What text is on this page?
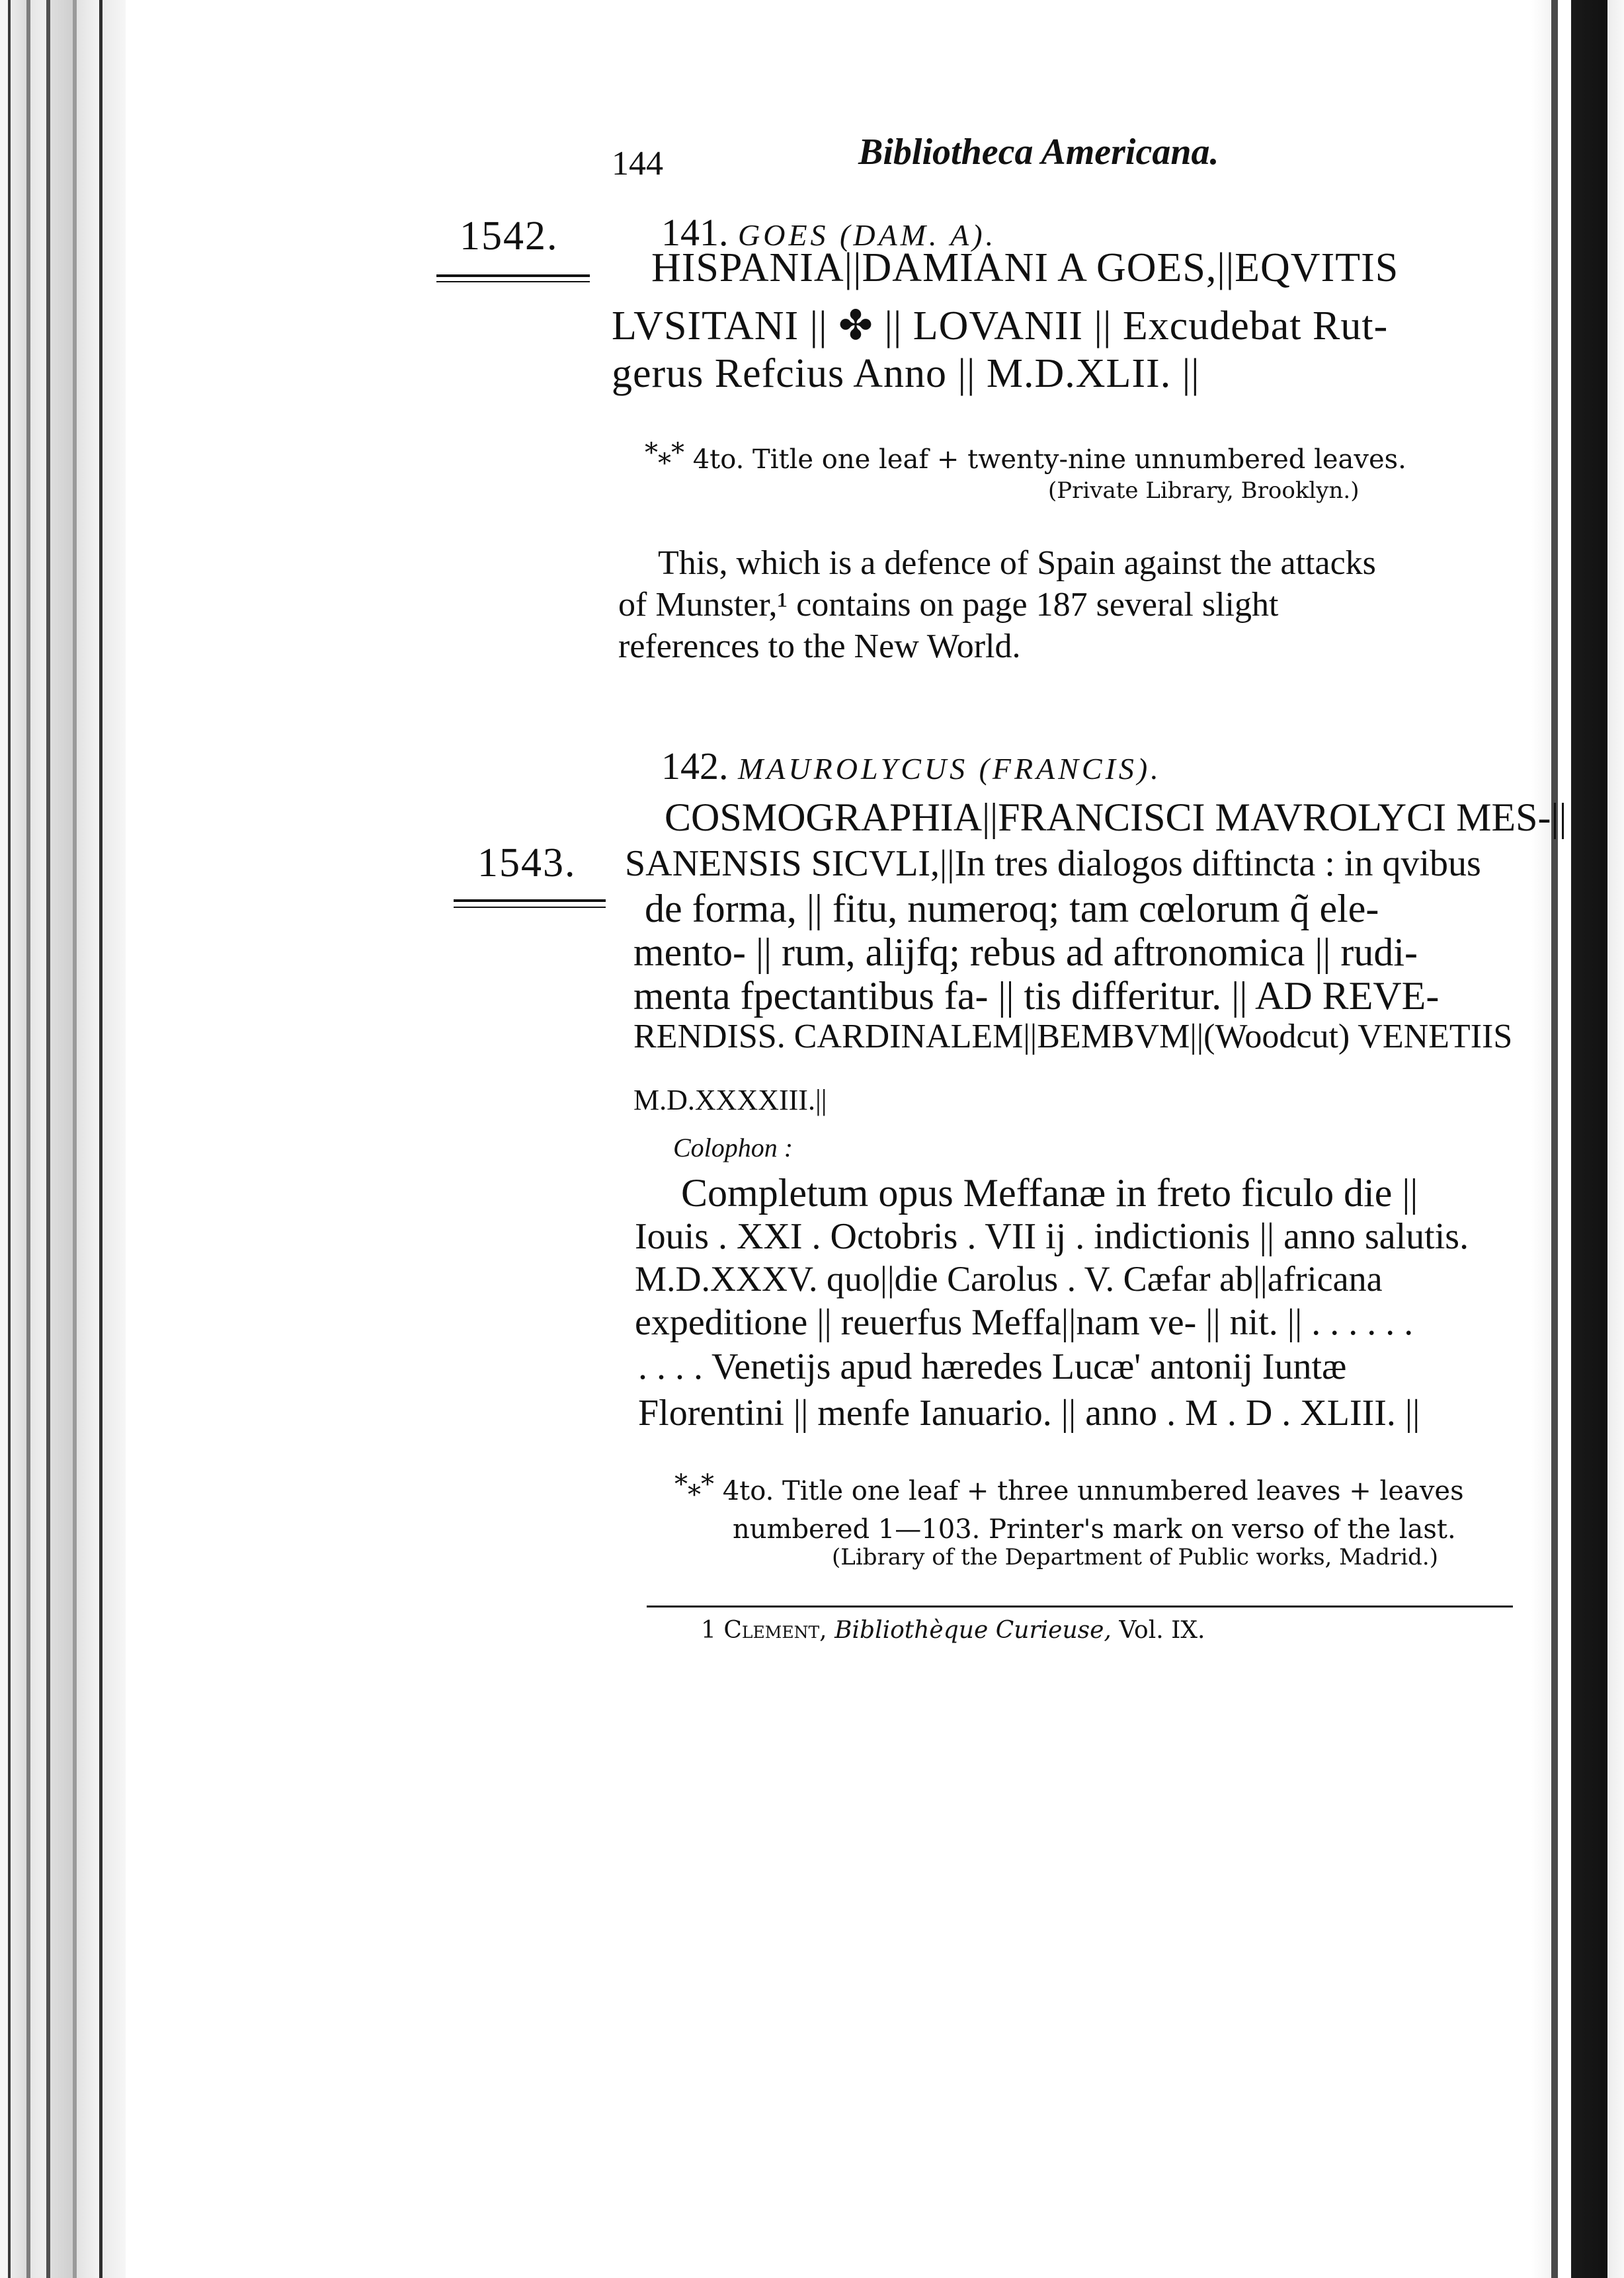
144	Bibliotheca Americana.
1542.	141. GOES (DAM. A).
HISPANIA||DAMIANI A GOES,||EQVITIS
LVSITANI || ✤ || LOVANII || Excudebat Rut-
gerus Refcius Anno || M.D.XLII. ||
*** 4to. Title one leaf + twenty-nine unnumbered leaves.
(Private Library, Brooklyn.)
This, which is a defence of Spain against the attacks
of Munster,¹ contains on page 187 several slight
references to the New World.
142. MAUROLYCUS (FRANCIS).
1543.
COSMOGRAPHIA||FRANCISCI MAVROLYCI MES-||
SANENSIS SICVLI,||In tres dialogos diftincta : in qvibus
de forma, || fitu, numeroq; tam cœlorum q̃ ele-
mento- || rum, alijfq; rebus ad aftronomica || rudi-
menta fpectantibus fa- || tis differitur. || AD REVE-
RENDISS. CARDINALEM||BEMBVM||(Woodcut) VENETIIS
M.D.XXXXIII.||
Colophon :
Completum opus Meffanæ in freto ficulo die ||
Iouis . XXI . Octobris . VII ij . indictionis || anno salutis.
M.D.XXXV. quo||die Carolus . V. Cæfar ab||africana
expeditione || reuerfus Meffa||nam ve- || nit. || . . . . . .
. . . . Venetijs apud hæredes Lucæ' antonij Iuntæ
Florentini || menfe Ianuario. || anno . M . D . XLIII. ||
*** 4to. Title one leaf + three unnumbered leaves + leaves
numbered 1—103. Printer's mark on verso of the last.
(Library of the Department of Public works, Madrid.)
1 Clement, Bibliothèque Curieuse, Vol. IX.
